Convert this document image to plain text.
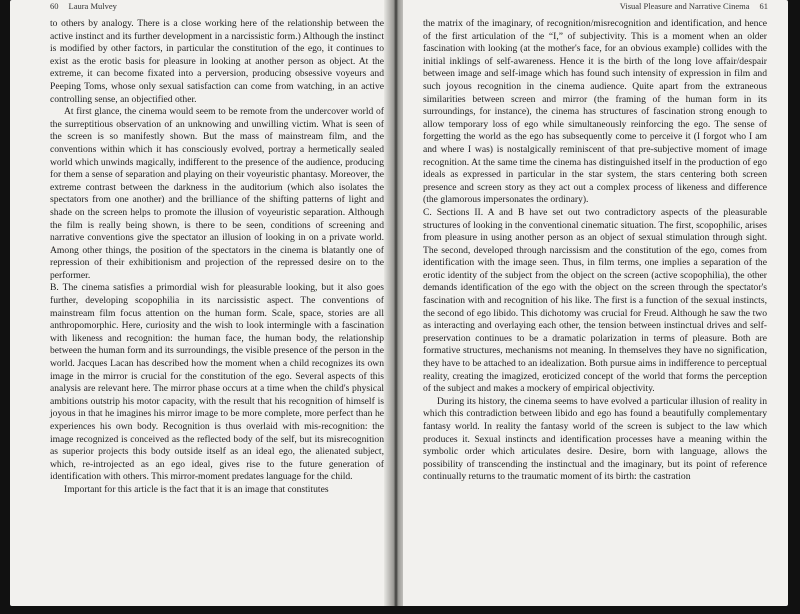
60 Laura Mulvey

to others by analogy. There is a close working here of the relationship between the active instinct and its further development in a narcissistic form.) Although the instinct is modified by other factors, in particular the constitution of the ego, it continues to exist as the erotic basis for pleasure in looking at another person as object. At the extreme, it can become fixated into a perversion, producing obsessive voyeurs and Peeping Toms, whose only sexual satisfaction can come from watching, in an active controlling sense, an objectified other.

At first glance, the cinema would seem to be remote from the undercover world of the surreptitious observation of an unknowing and unwilling victim. What is seen of the screen is so manifestly shown. But the mass of mainstream film, and the conventions within which it has consciously evolved, portray a hermetically sealed world which unwinds magically, indifferent to the presence of the audience, producing for them a sense of separation and playing on their voyeuristic phantasy. Moreover, the extreme contrast between the darkness in the auditorium (which also isolates the spectators from one another) and the brilliance of the shifting patterns of light and shade on the screen helps to promote the illusion of voyeuristic separation. Although the film is really being shown, is there to be seen, conditions of screening and narrative conventions give the spectator an illusion of looking in on a private world. Among other things, the position of the spectators in the cinema is blatantly one of repression of their exhibitionism and projection of the repressed desire on to the performer.

B. The cinema satisfies a primordial wish for pleasurable looking, but it also goes further, developing scopophilia in its narcissistic aspect. The conventions of mainstream film focus attention on the human form. Scale, space, stories are all anthropomorphic. Here, curiosity and the wish to look intermingle with a fascination with likeness and recognition: the human face, the human body, the relationship between the human form and its surroundings, the visible presence of the person in the world. Jacques Lacan has described how the moment when a child recognizes its own image in the mirror is crucial for the constitution of the ego. Several aspects of this analysis are relevant here. The mirror phase occurs at a time when the child's physical ambitions outstrip his motor capacity, with the result that his recognition of himself is joyous in that he imagines his mirror image to be more complete, more perfect than he experiences his own body. Recognition is thus overlaid with mis-recognition: the image recognized is conceived as the reflected body of the self, but its misrecognition as superior projects this body outside itself as an ideal ego, the alienated subject, which, re-introjected as an ego ideal, gives rise to the future generation of identification with others. This mirror-moment predates language for the child.

Important for this article is the fact that it is an image that constitutes

Visual Pleasure and Narrative Cinema 61

the matrix of the imaginary, of recognition/misrecognition and identification, and hence of the first articulation of the “I,” of subjectivity. This is a moment when an older fascination with looking (at the mother's face, for an obvious example) collides with the initial inklings of self-awareness. Hence it is the birth of the long love affair/despair between image and self-image which has found such intensity of expression in film and such joyous recognition in the cinema audience. Quite apart from the extraneous similarities between screen and mirror (the framing of the human form in its surroundings, for instance), the cinema has structures of fascination strong enough to allow temporary loss of ego while simultaneously reinforcing the ego. The sense of forgetting the world as the ego has subsequently come to perceive it (I forgot who I am and where I was) is nostalgically reminiscent of that pre-subjective moment of image recognition. At the same time the cinema has distinguished itself in the production of ego ideals as expressed in particular in the star system, the stars centering both screen presence and screen story as they act out a complex process of likeness and difference (the glamorous impersonates the ordinary).

C. Sections II. A and B have set out two contradictory aspects of the pleasurable structures of looking in the conventional cinematic situation. The first, scopophilic, arises from pleasure in using another person as an object of sexual stimulation through sight. The second, developed through narcissism and the constitution of the ego, comes from identification with the image seen. Thus, in film terms, one implies a separation of the erotic identity of the subject from the object on the screen (active scopophilia), the other demands identification of the ego with the object on the screen through the spectator's fascination with and recognition of his like. The first is a function of the sexual instincts, the second of ego libido. This dichotomy was crucial for Freud. Although he saw the two as interacting and overlaying each other, the tension between instinctual drives and self-preservation continues to be a dramatic polarization in terms of pleasure. Both are formative structures, mechanisms not meaning. In themselves they have no signification, they have to be attached to an idealization. Both pursue aims in indifference to perceptual reality, creating the imagized, eroticized concept of the world that forms the perception of the subject and makes a mockery of empirical objectivity.

During its history, the cinema seems to have evolved a particular illusion of reality in which this contradiction between libido and ego has found a beautifully complementary fantasy world. In reality the fantasy world of the screen is subject to the law which produces it. Sexual instincts and identification processes have a meaning within the symbolic order which articulates desire. Desire, born with language, allows the possibility of transcending the instinctual and the imaginary, but its point of reference continually returns to the traumatic moment of its birth: the castration
